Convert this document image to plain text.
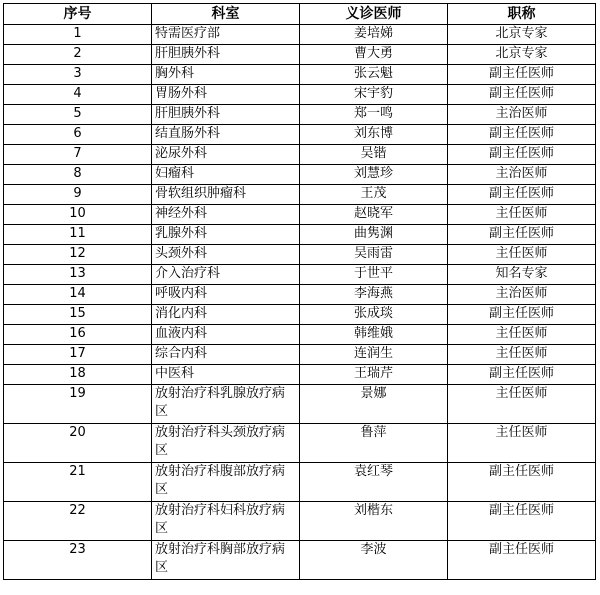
序号	科室	义诊医师	职称
1	特需医疗部	姜培娣	北京专家
2	肝胆胰外科	曹大勇	北京专家
3	胸外科	张云魁	副主任医师
4	胃肠外科	宋宇豹	副主任医师
5	肝胆胰外科	郑一鸣	主治医师
6	结直肠外科	刘东博	副主任医师
7	泌尿外科	吴锴	副主任医师
8	妇瘤科	刘慧珍	主治医师
9	骨软组织肿瘤科	王茂	副主任医师
10	神经外科	赵晓军	主任医师
11	乳腺外科	曲隽渊	副主任医师
12	头颈外科	吴雨雷	主任医师
13	介入治疗科	于世平	知名专家
14	呼吸内科	李海燕	主治医师
15	消化内科	张成琰	副主任医师
16	血液内科	韩维娥	主任医师
17	综合内科	连润生	主任医师
18	中医科	王瑞芹	副主任医师
19	放射治疗科乳腺放疗病区	景娜	主任医师
20	放射治疗科头颈放疗病区	鲁萍	主任医师
21	放射治疗科腹部放疗病区	袁红琴	副主任医师
22	放射治疗科妇科放疗病区	刘楷东	副主任医师
23	放射治疗科胸部放疗病区	李波	副主任医师
